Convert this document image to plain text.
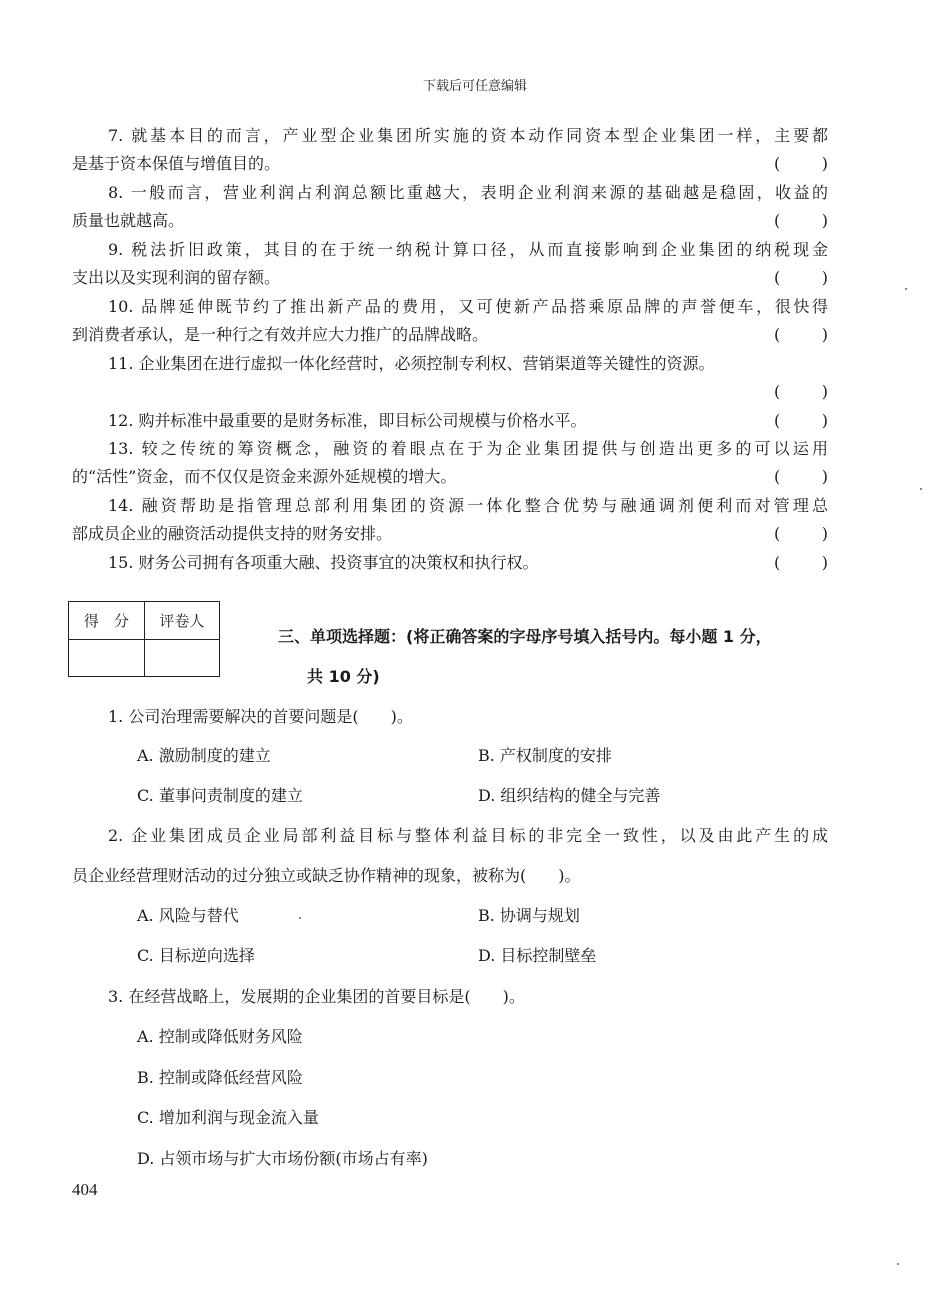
下载后可任意编辑
7. 就基本目的而言，产业型企业集团所实施的资本动作同资本型企业集团一样，主要都
是基于资本保值与增值目的。	(	)
8. 一般而言，营业利润占利润总额比重越大，表明企业利润来源的基础越是稳固，收益的
质量也就越高。	(	)
9. 税法折旧政策，其目的在于统一纳税计算口径，从而直接影响到企业集团的纳税现金
支出以及实现利润的留存额。	(	)
10. 品牌延伸既节约了推出新产品的费用，又可使新产品搭乘原品牌的声誉便车，很快得
到消费者承认，是一种行之有效并应大力推广的品牌战略。	(	)
11. 企业集团在进行虚拟一体化经营时，必须控制专利权、营销渠道等关键性的资源。
(	)
12. 购并标准中最重要的是财务标准，即目标公司规模与价格水平。	(	)
13. 较之传统的筹资概念，融资的着眼点在于为企业集团提供与创造出更多的可以运用
的“活性”资金，而不仅仅是资金来源外延规模的增大。	(	)
14. 融资帮助是指管理总部利用集团的资源一体化整合优势与融通调剂便利而对管理总
部成员企业的融资活动提供支持的财务安排。	(	)
15. 财务公司拥有各项重大融、投资事宜的决策权和执行权。	(	)
得　分	评卷人

三、单项选择题：(将正确答案的字母序号填入括号内。每小题 1 分，
共 10 分)
1. 公司治理需要解决的首要问题是(　　)。
A. 激励制度的建立	B. 产权制度的安排
C. 董事问责制度的建立	D. 组织结构的健全与完善
2. 企业集团成员企业局部利益目标与整体利益目标的非完全一致性，以及由此产生的成
员企业经营理财活动的过分独立或缺乏协作精神的现象，被称为(　　)。
A. 风险与替代	B. 协调与规划
C. 目标逆向选择	D. 目标控制壁垒
3. 在经营战略上，发展期的企业集团的首要目标是(　　)。
A. 控制或降低财务风险
B. 控制或降低经营风险
C. 增加利润与现金流入量
D. 占领市场与扩大市场份额(市场占有率)
404
